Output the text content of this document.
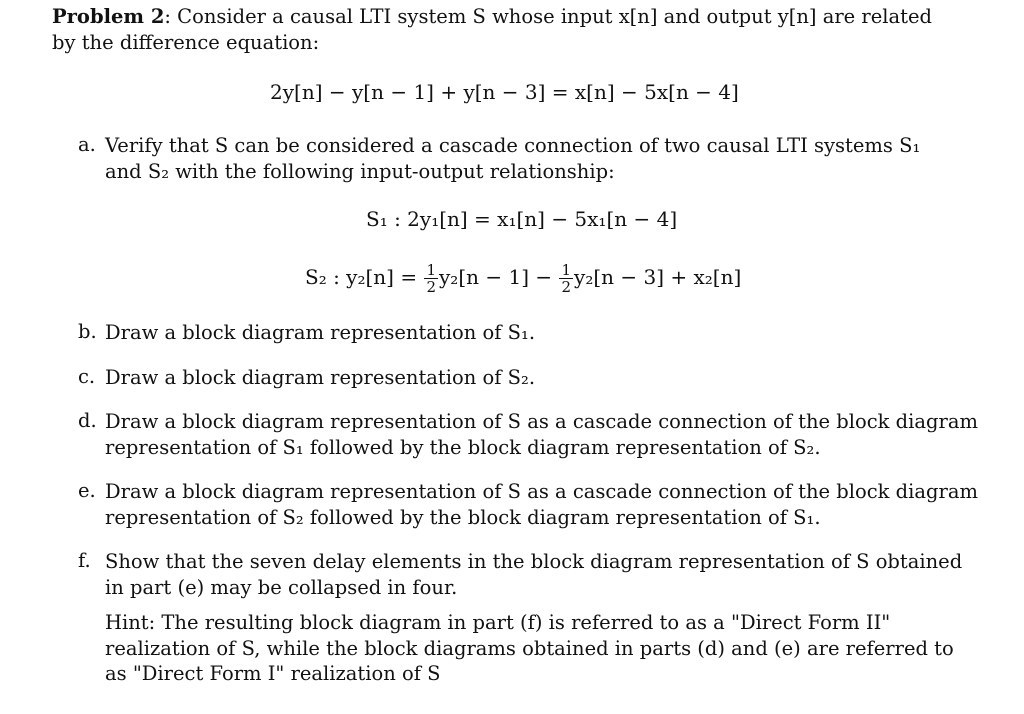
Problem 2: Consider a causal LTI system S whose input x[n] and output y[n] are related
by the difference equation:
2y[n] − y[n − 1] + y[n − 3] = x[n] − 5x[n − 4]
a. Verify that S can be considered a cascade connection of two causal LTI systems S₁
and S₂ with the following input-output relationship:
S₁ : 2y₁[n] = x₁[n] − 5x₁[n − 4]
S₂ : $y_2[n] = \frac{1}{2} y_2[n - 1] - \frac{1}{2} y_2[n - 3] + x_2[n]$
b. Draw a block diagram representation of S₁.
c. Draw a block diagram representation of S₂.
d. Draw a block diagram representation of S as a cascade connection of the block diagram
representation of S₁ followed by the block diagram representation of S₂.
e. Draw a block diagram representation of S as a cascade connection of the block diagram
representation of S₂ followed by the block diagram representation of S₁.
f. Show that the seven delay elements in the block diagram representation of S obtained
in part (e) may be collapsed in four.
Hint: The resulting block diagram in part (f) is referred to as a "Direct Form II"
realization of S, while the block diagrams obtained in parts (d) and (e) are referred to
as "Direct Form I" realization of S
